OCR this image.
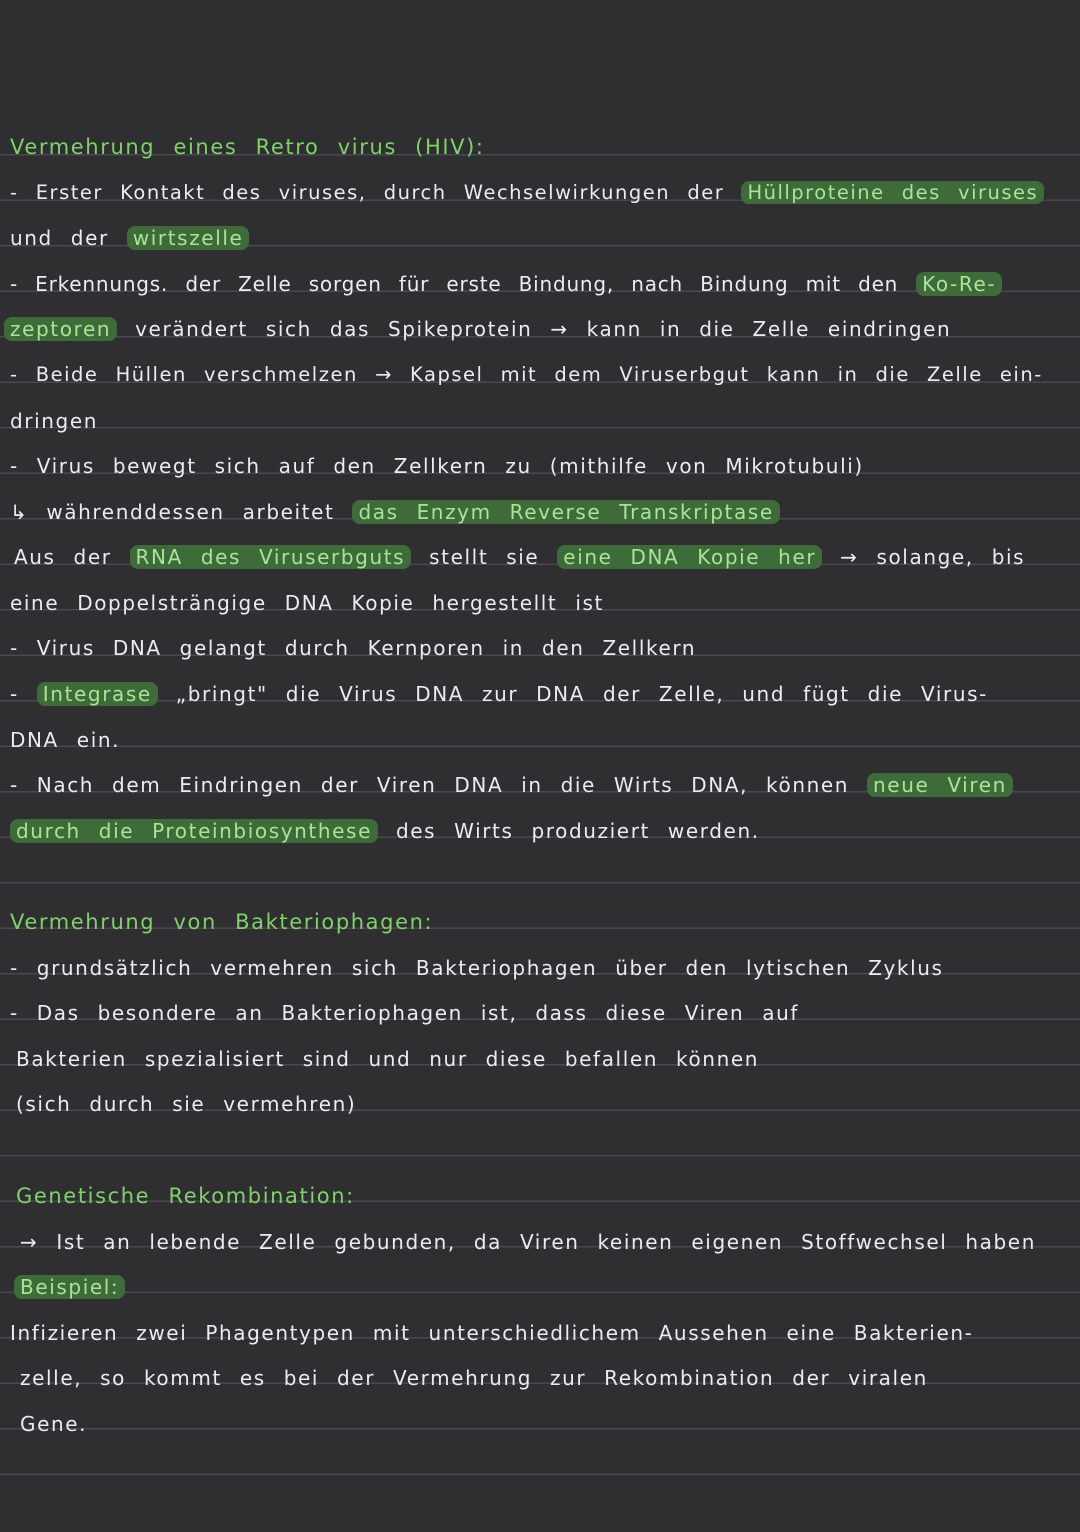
Vermehrung eines Retro virus (HIV):
- Erster Kontakt des viruses, durch Wechselwirkungen der Hüllproteine des viruses
und der wirtszelle
- Erkennungs. der Zelle sorgen für erste Bindung, nach Bindung mit den Ko-Re-
zeptoren verändert sich das Spikeprotein → kann in die Zelle eindringen
- Beide Hüllen verschmelzen → Kapsel mit dem Viruserbgut kann in die Zelle ein-
dringen
- Virus bewegt sich auf den Zellkern zu (mithilfe von Mikrotubuli)
↳ währenddessen arbeitet das Enzym Reverse Transkriptase
Aus der RNA des Viruserbguts stellt sie eine DNA Kopie her → solange, bis
eine Doppelsträngige DNA Kopie hergestellt ist
- Virus DNA gelangt durch Kernporen in den Zellkern
- Integrase „bringt" die Virus DNA zur DNA der Zelle, und fügt die Virus-
DNA ein.
- Nach dem Eindringen der Viren DNA in die Wirts DNA, können neue Viren
durch die Proteinbiosynthese des Wirts produziert werden.
Vermehrung von Bakteriophagen:
- grundsätzlich vermehren sich Bakteriophagen über den lytischen Zyklus
- Das besondere an Bakteriophagen ist, dass diese Viren auf
Bakterien spezialisiert sind und nur diese befallen können
(sich durch sie vermehren)
Genetische Rekombination:
→ Ist an lebende Zelle gebunden, da Viren keinen eigenen Stoffwechsel haben
Beispiel:
Infizieren zwei Phagentypen mit unterschiedlichem Aussehen eine Bakterien-
zelle, so kommt es bei der Vermehrung zur Rekombination der viralen
Gene.
